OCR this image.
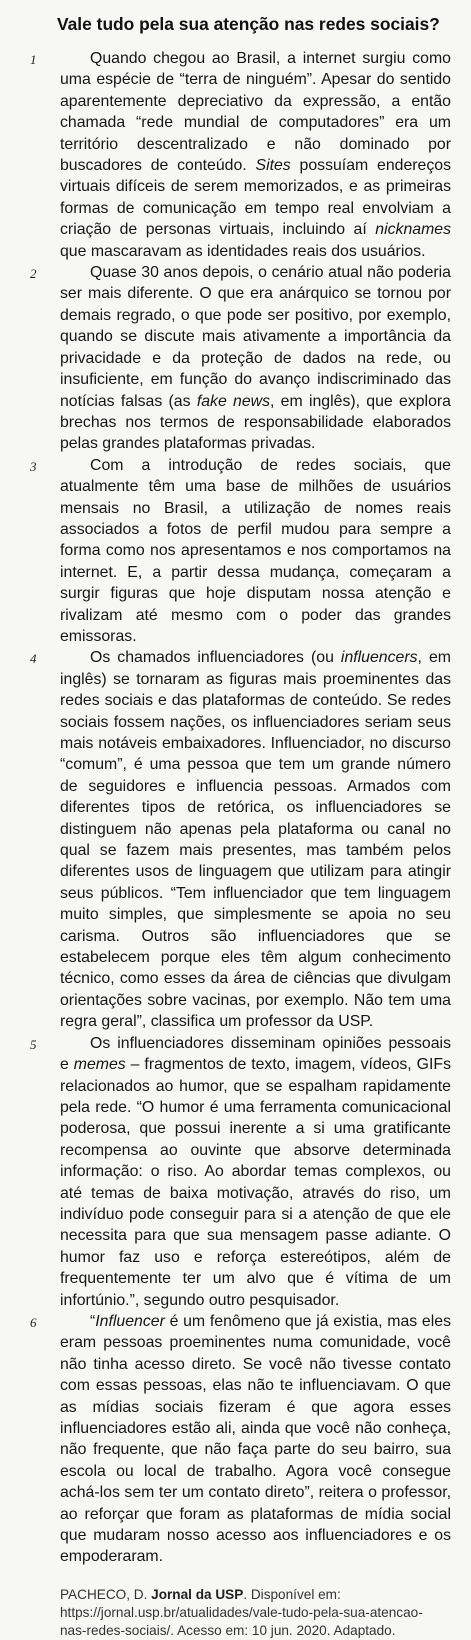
Vale tudo pela sua atenção nas redes sociais?

1	Quando chegou ao Brasil, a internet surgiu como uma espécie de “terra de ninguém”. Apesar do sentido aparentemente depreciativo da expressão, a então chamada “rede mundial de computadores” era um território descentralizado e não dominado por buscadores de conteúdo. Sites possuíam endereços virtuais difíceis de serem memorizados, e as primeiras formas de comunicação em tempo real envolviam a criação de personas virtuais, incluindo aí nicknames que mascaravam as identidades reais dos usuários.

2	Quase 30 anos depois, o cenário atual não poderia ser mais diferente. O que era anárquico se tornou por demais regrado, o que pode ser positivo, por exemplo, quando se discute mais ativamente a importância da privacidade e da proteção de dados na rede, ou insuficiente, em função do avanço indiscriminado das notícias falsas (as fake news, em inglês), que explora brechas nos termos de responsabilidade elaborados pelas grandes plataformas privadas.

3	Com a introdução de redes sociais, que atualmente têm uma base de milhões de usuários mensais no Brasil, a utilização de nomes reais associados a fotos de perfil mudou para sempre a forma como nos apresentamos e nos comportamos na internet. E, a partir dessa mudança, começaram a surgir figuras que hoje disputam nossa atenção e rivalizam até mesmo com o poder das grandes emissoras.

4	Os chamados influenciadores (ou influencers, em inglês) se tornaram as figuras mais proeminentes das redes sociais e das plataformas de conteúdo. Se redes sociais fossem nações, os influenciadores seriam seus mais notáveis embaixadores. Influenciador, no discurso “comum”, é uma pessoa que tem um grande número de seguidores e influencia pessoas. Armados com diferentes tipos de retórica, os influenciadores se distinguem não apenas pela plataforma ou canal no qual se fazem mais presentes, mas também pelos diferentes usos de linguagem que utilizam para atingir seus públicos. “Tem influenciador que tem linguagem muito simples, que simplesmente se apoia no seu carisma. Outros são influenciadores que se estabelecem porque eles têm algum conhecimento técnico, como esses da área de ciências que divulgam orientações sobre vacinas, por exemplo. Não tem uma regra geral”, classifica um professor da USP.

5	Os influenciadores disseminam opiniões pessoais e memes – fragmentos de texto, imagem, vídeos, GIFs relacionados ao humor, que se espalham rapidamente pela rede. “O humor é uma ferramenta comunicacional poderosa, que possui inerente a si uma gratificante recompensa ao ouvinte que absorve determinada informação: o riso. Ao abordar temas complexos, ou até temas de baixa motivação, através do riso, um indivíduo pode conseguir para si a atenção de que ele necessita para que sua mensagem passe adiante. O humor faz uso e reforça estereótipos, além de frequentemente ter um alvo que é vítima de um infortúnio.”, segundo outro pesquisador.

6	“Influencer é um fenômeno que já existia, mas eles eram pessoas proeminentes numa comunidade, você não tinha acesso direto. Se você não tivesse contato com essas pessoas, elas não te influenciavam. O que as mídias sociais fizeram é que agora esses influenciadores estão ali, ainda que você não conheça, não frequente, que não faça parte do seu bairro, sua escola ou local de trabalho. Agora você consegue achá-los sem ter um contato direto”, reitera o professor, ao reforçar que foram as plataformas de mídia social que mudaram nosso acesso aos influenciadores e os empoderaram.

PACHECO, D. Jornal da USP. Disponível em: https://jornal.usp.br/atualidades/vale-tudo-pela-sua-atencao-nas-redes-sociais/. Acesso em: 10 jun. 2020. Adaptado.
